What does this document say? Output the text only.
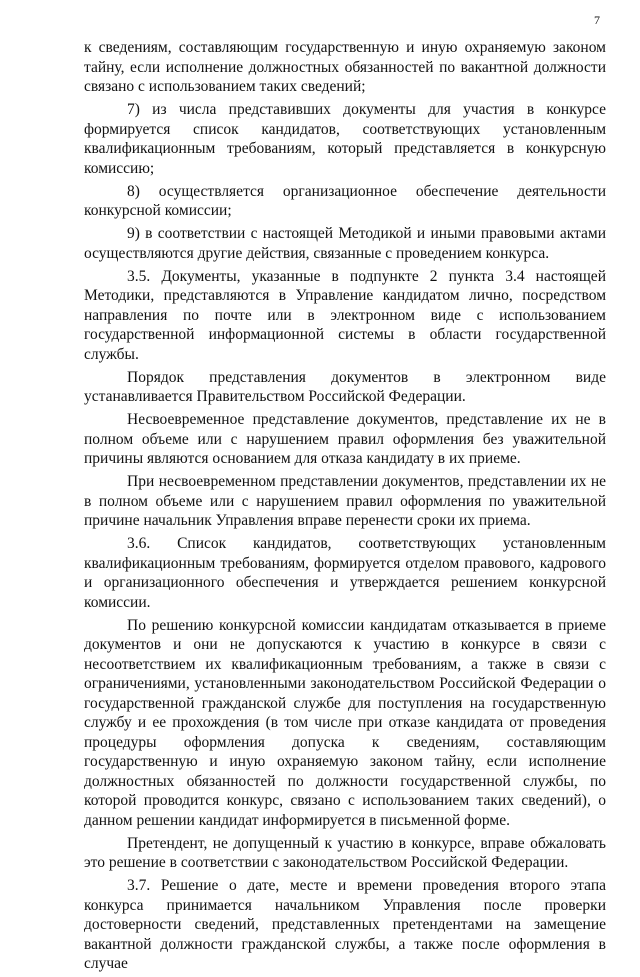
7

к сведениям, составляющим государственную и иную охраняемую законом тайну, если исполнение должностных обязанностей по вакантной должности связано с использованием таких сведений;

7) из числа представивших документы для участия в конкурсе формируется список кандидатов, соответствующих установленным квалификационным требованиям, который представляется в конкурсную комиссию;

8) осуществляется организационное обеспечение деятельности конкурсной комиссии;

9) в соответствии с настоящей Методикой и иными правовыми актами осуществляются другие действия, связанные с проведением конкурса.

3.5. Документы, указанные в подпункте 2 пункта 3.4 настоящей Методики, представляются в Управление кандидатом лично, посредством направления по почте или в электронном виде с использованием государственной информационной системы в области государственной службы.

Порядок представления документов в электронном виде устанавливается Правительством Российской Федерации.

Несвоевременное представление документов, представление их не в полном объеме или с нарушением правил оформления без уважительной причины являются основанием для отказа кандидату в их приеме.

При несвоевременном представлении документов, представлении их не в полном объеме или с нарушением правил оформления по уважительной причине начальник Управления вправе перенести сроки их приема.

3.6. Список кандидатов, соответствующих установленным квалификационным требованиям, формируется отделом правового, кадрового и организационного обеспечения и утверждается решением конкурсной комиссии.

По решению конкурсной комиссии кандидатам отказывается в приеме документов и они не допускаются к участию в конкурсе в связи с несоответствием их квалификационным требованиям, а также в связи с ограничениями, установленными законодательством Российской Федерации о государственной гражданской службе для поступления на государственную службу и ее прохождения (в том числе при отказе кандидата от проведения процедуры оформления допуска к сведениям, составляющим государственную и иную охраняемую законом тайну, если исполнение должностных обязанностей по должности государственной службы, по которой проводится конкурс, связано с использованием таких сведений), о данном решении кандидат информируется в письменной форме.

Претендент, не допущенный к участию в конкурсе, вправе обжаловать это решение в соответствии с законодательством Российской Федерации.

3.7. Решение о дате, месте и времени проведения второго этапа конкурса принимается начальником Управления после проверки достоверности сведений, представленных претендентами на замещение вакантной должности гражданской службы, а также после оформления в случае
